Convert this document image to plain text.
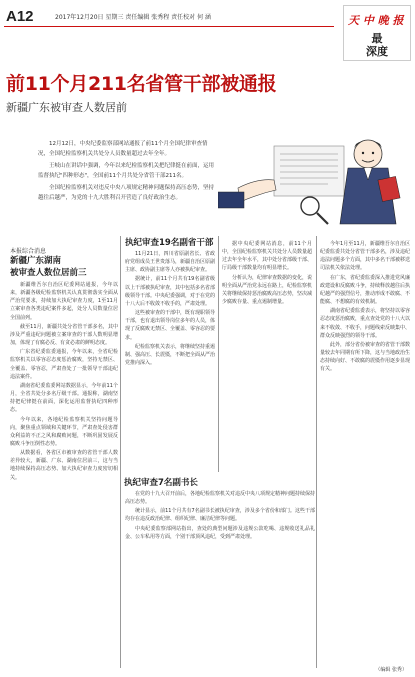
A12	2017年12月20日 星期三 责任编辑 张秀程 责任校对 何 涵	天 中 晚 报
最
深度
前11个月211名省管干部被通报
新疆广东被审查人数居前

12月12日，中央纪委监察部网站通报了前11个月全国纪律审查情况，全国纪检监察机关共处分人员数量超过去年全年。

王岐山在讲话中强调，今年以来纪检监察机关把纪律挺在前面，运用监督执纪"四种形态"，全国前11个月共处分省管干部211名。

全国纪检监察机关对违反中央八项规定精神问题保持高压态势，坚持越往后越严，为党的十九大胜利召开营造了良好政治生态。

本报综合消息
新疆广东湖南
被审查人数位居前三

新疆维吾尔自治区纪委网站通报，今年以来，新疆各级纪检监察机关认真贯彻落实全面从严治党要求，持续加大执纪审查力度，1至11月立案审查各类违纪案件多起，处分人员数量位居全国前列。

截至11月，新疆共处分省管干部多名，其中涉及严重违纪问题被立案审查的干部人数明显增加，体现了有腐必反、有贪必肃的鲜明态度。

广东省纪委监委通报，今年以来，全省纪检监察机关以零容忍态度惩治腐败，坚持无禁区、全覆盖、零容忍，严肃查处了一批领导干部违纪违法案件。

湖南省纪委监委网站数据显示，今年前11个月，全省共处分多名厅级干部。通报称，湖南坚持把纪律挺在前面，深化运用监督执纪四种形态。

今年以来，各地纪检监察机关坚持问题导向，聚焦重点领域和关键环节，严肃查处侵害群众利益的不正之风和腐败问题，不断巩固发展反腐败斗争压倒性态势。

从数据看，各省区市被审查的省管干部人数差异较大，新疆、广东、湖南位居前三，这与当地持续保持高压态势、加大执纪审查力度密切相关。

执纪审查19名副省干部

11月21日，四川省原副省长、省政府党组成员王世贵落马，新疆自治区原副主席、政协副主席等人亦被执纪审查。

据统计，前11个月共有19名副省级以上干部被执纪审查，其中包括多名省部级领导干部。中央纪委强调，对于在党的十八大后不收敛不收手的，严肃处理。

这些被审查的干部中，既有现职领导干部，也有退出领导岗位多年的人员，体现了反腐败无禁区、全覆盖、零容忍的要求。

纪检监察机关表示，将继续坚持重遏制、强高压、长震慑，不断把全面从严治党推向深入。

据中央纪委网站消息，前11个月中，全国纪检监察机关共处分人员数量超过去年全年水平，其中处分省部级干部、厅局级干部数量均有明显增长。

分析认为，纪律审查数据的变化，说明全面从严治党永远在路上，纪检监察机关将继续保持惩治腐败高压态势，坚决减少腐败存量、重点遏制增量。

执纪审查7名副书长

在党的十九大召开前后，各地纪检监察机关对违反中央八项规定精神问题持续保持高压态势。

统计显示，前11个月共有7名副书长被执纪审查，涉及多个省份和部门。这些干部均存在违反政治纪律、组织纪律、廉洁纪律等问题。

中央纪委监察部网站指出，查处的典型问题涉及违规公款吃喝、违规收送礼品礼金、公车私用等方面，个别干部顶风违纪，受到严肃处理。

今年1月至11月，新疆维吾尔自治区纪委监委共处分省管干部多名，涉及违纪违法问题多个方面，其中多名干部被移送司法机关依法处理。

在广东，省纪委监委深入推进党风廉政建设和反腐败斗争，持续释放越往后执纪越严的强烈信号，推动形成不敢腐、不能腐、不想腐的有效机制。

湖南省纪委监委表示，将坚持以零容忍态度惩治腐败，重点查处党的十八大以来不收敛、不收手，问题线索反映集中、群众反映强烈的领导干部。

此外，部分省份被审查的省管干部数量较去年同期有所下降，这与当地政治生态持续向好、不敢腐的震慑作用逐步显现有关。

（编辑 张秀）
